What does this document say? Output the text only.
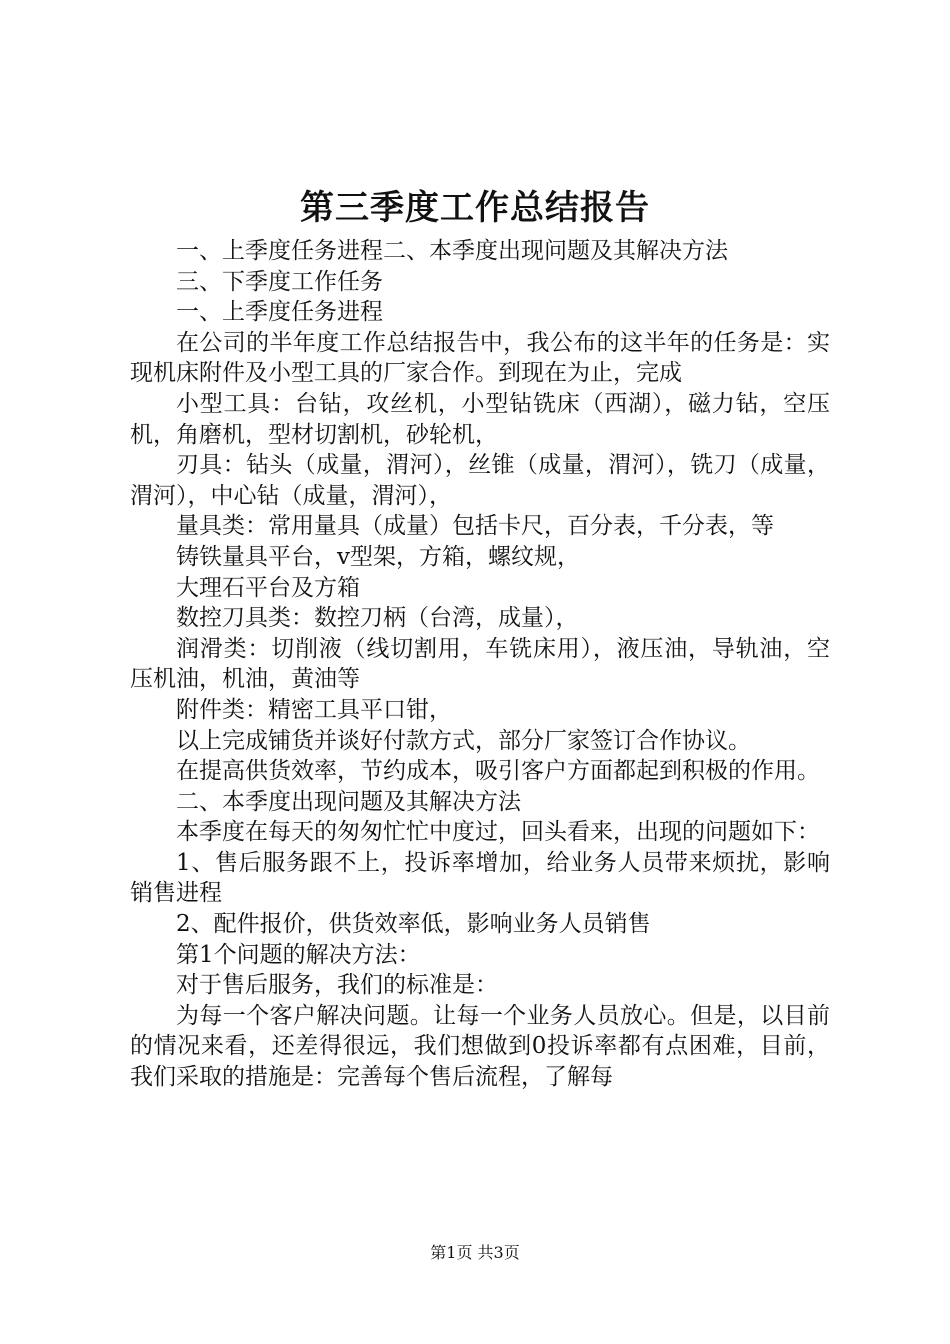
第三季度工作总结报告

一、上季度任务进程二、本季度出现问题及其解决方法

三、下季度工作任务

一、上季度任务进程

在公司的半年度工作总结报告中，我公布的这半年的任务是：实现机床附件及小型工具的厂家合作。到现在为止，完成

小型工具：台钻，攻丝机，小型钻铣床（西湖），磁力钻，空压机，角磨机，型材切割机，砂轮机，

刃具：钻头（成量，渭河），丝锥（成量，渭河），铣刀（成量，渭河），中心钻（成量，渭河），

量具类：常用量具（成量）包括卡尺，百分表，千分表，等

铸铁量具平台，v型架，方箱，螺纹规，

大理石平台及方箱

数控刀具类：数控刀柄（台湾，成量），

润滑类：切削液（线切割用，车铣床用），液压油，导轨油，空压机油，机油，黄油等

附件类：精密工具平口钳，

以上完成铺货并谈好付款方式，部分厂家签订合作协议。

在提高供货效率，节约成本，吸引客户方面都起到积极的作用。

二、本季度出现问题及其解决方法

本季度在每天的匆匆忙忙中度过，回头看来，出现的问题如下：

1、售后服务跟不上，投诉率增加，给业务人员带来烦扰，影响销售进程

2、配件报价，供货效率低，影响业务人员销售

第1个问题的解决方法：

对于售后服务，我们的标准是：

为每一个客户解决问题。让每一个业务人员放心。但是，以目前的情况来看，还差得很远，我们想做到0投诉率都有点困难，目前，我们采取的措施是：完善每个售后流程，了解每

第1页 共3页
